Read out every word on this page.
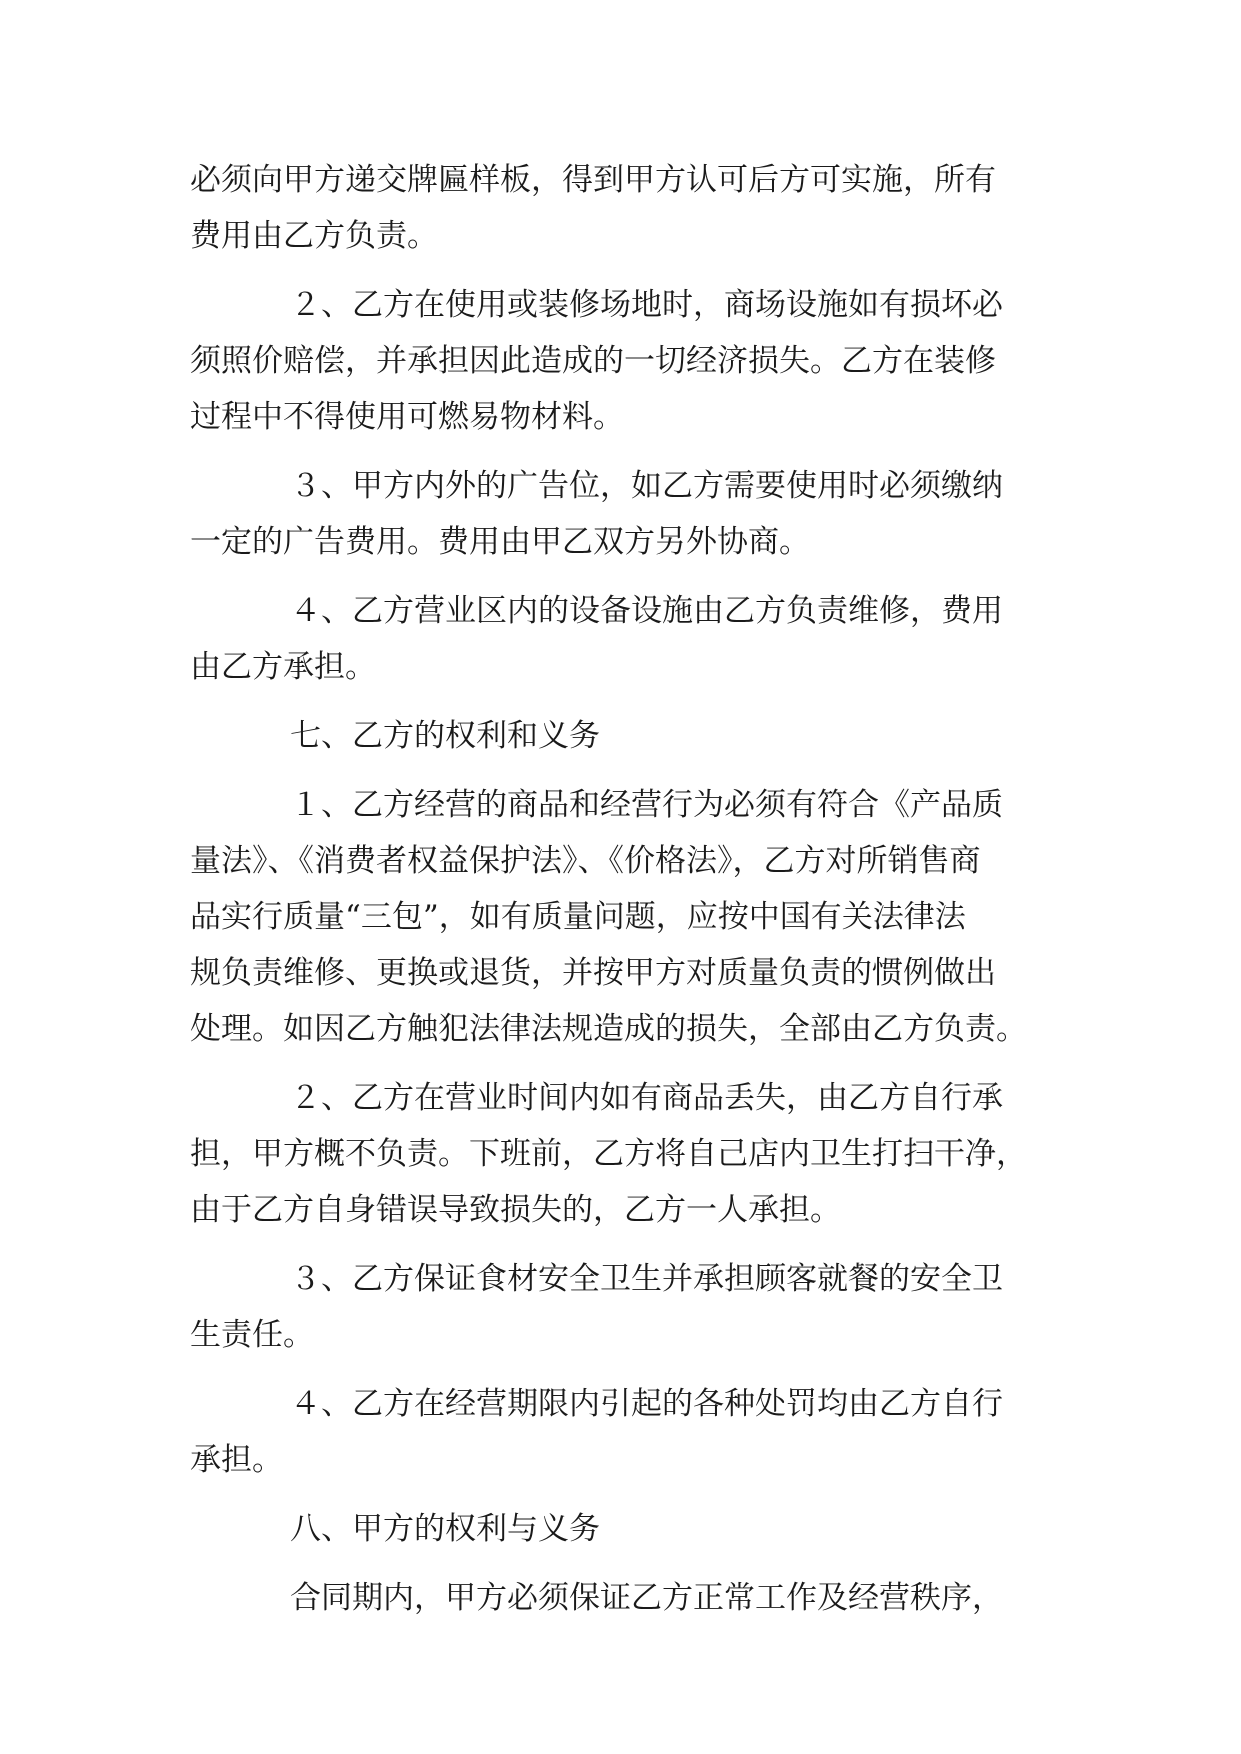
必须向甲方递交牌匾样板，得到甲方认可后方可实施，所有
费用由乙方负责。
２、乙方在使用或装修场地时，商场设施如有损坏必
须照价赔偿，并承担因此造成的一切经济损失。乙方在装修
过程中不得使用可燃易物材料。
３、甲方内外的广告位，如乙方需要使用时必须缴纳
一定的广告费用。费用由甲乙双方另外协商。
４、乙方营业区内的设备设施由乙方负责维修，费用
由乙方承担。
七、乙方的权利和义务
１、乙方经营的商品和经营行为必须有符合《产品质
量法》、《消费者权益保护法》、《价格法》，乙方对所销售商
品实行质量“三包”，如有质量问题，应按中国有关法律法
规负责维修、更换或退货，并按甲方对质量负责的惯例做出
处理。如因乙方触犯法律法规造成的损失，全部由乙方负责。
２、乙方在营业时间内如有商品丢失，由乙方自行承
担，甲方概不负责。下班前，乙方将自己店内卫生打扫干净，
由于乙方自身错误导致损失的，乙方一人承担。
３、乙方保证食材安全卫生并承担顾客就餐的安全卫
生责任。
４、乙方在经营期限内引起的各种处罚均由乙方自行
承担。
八、甲方的权利与义务
合同期内，甲方必须保证乙方正常工作及经营秩序，
